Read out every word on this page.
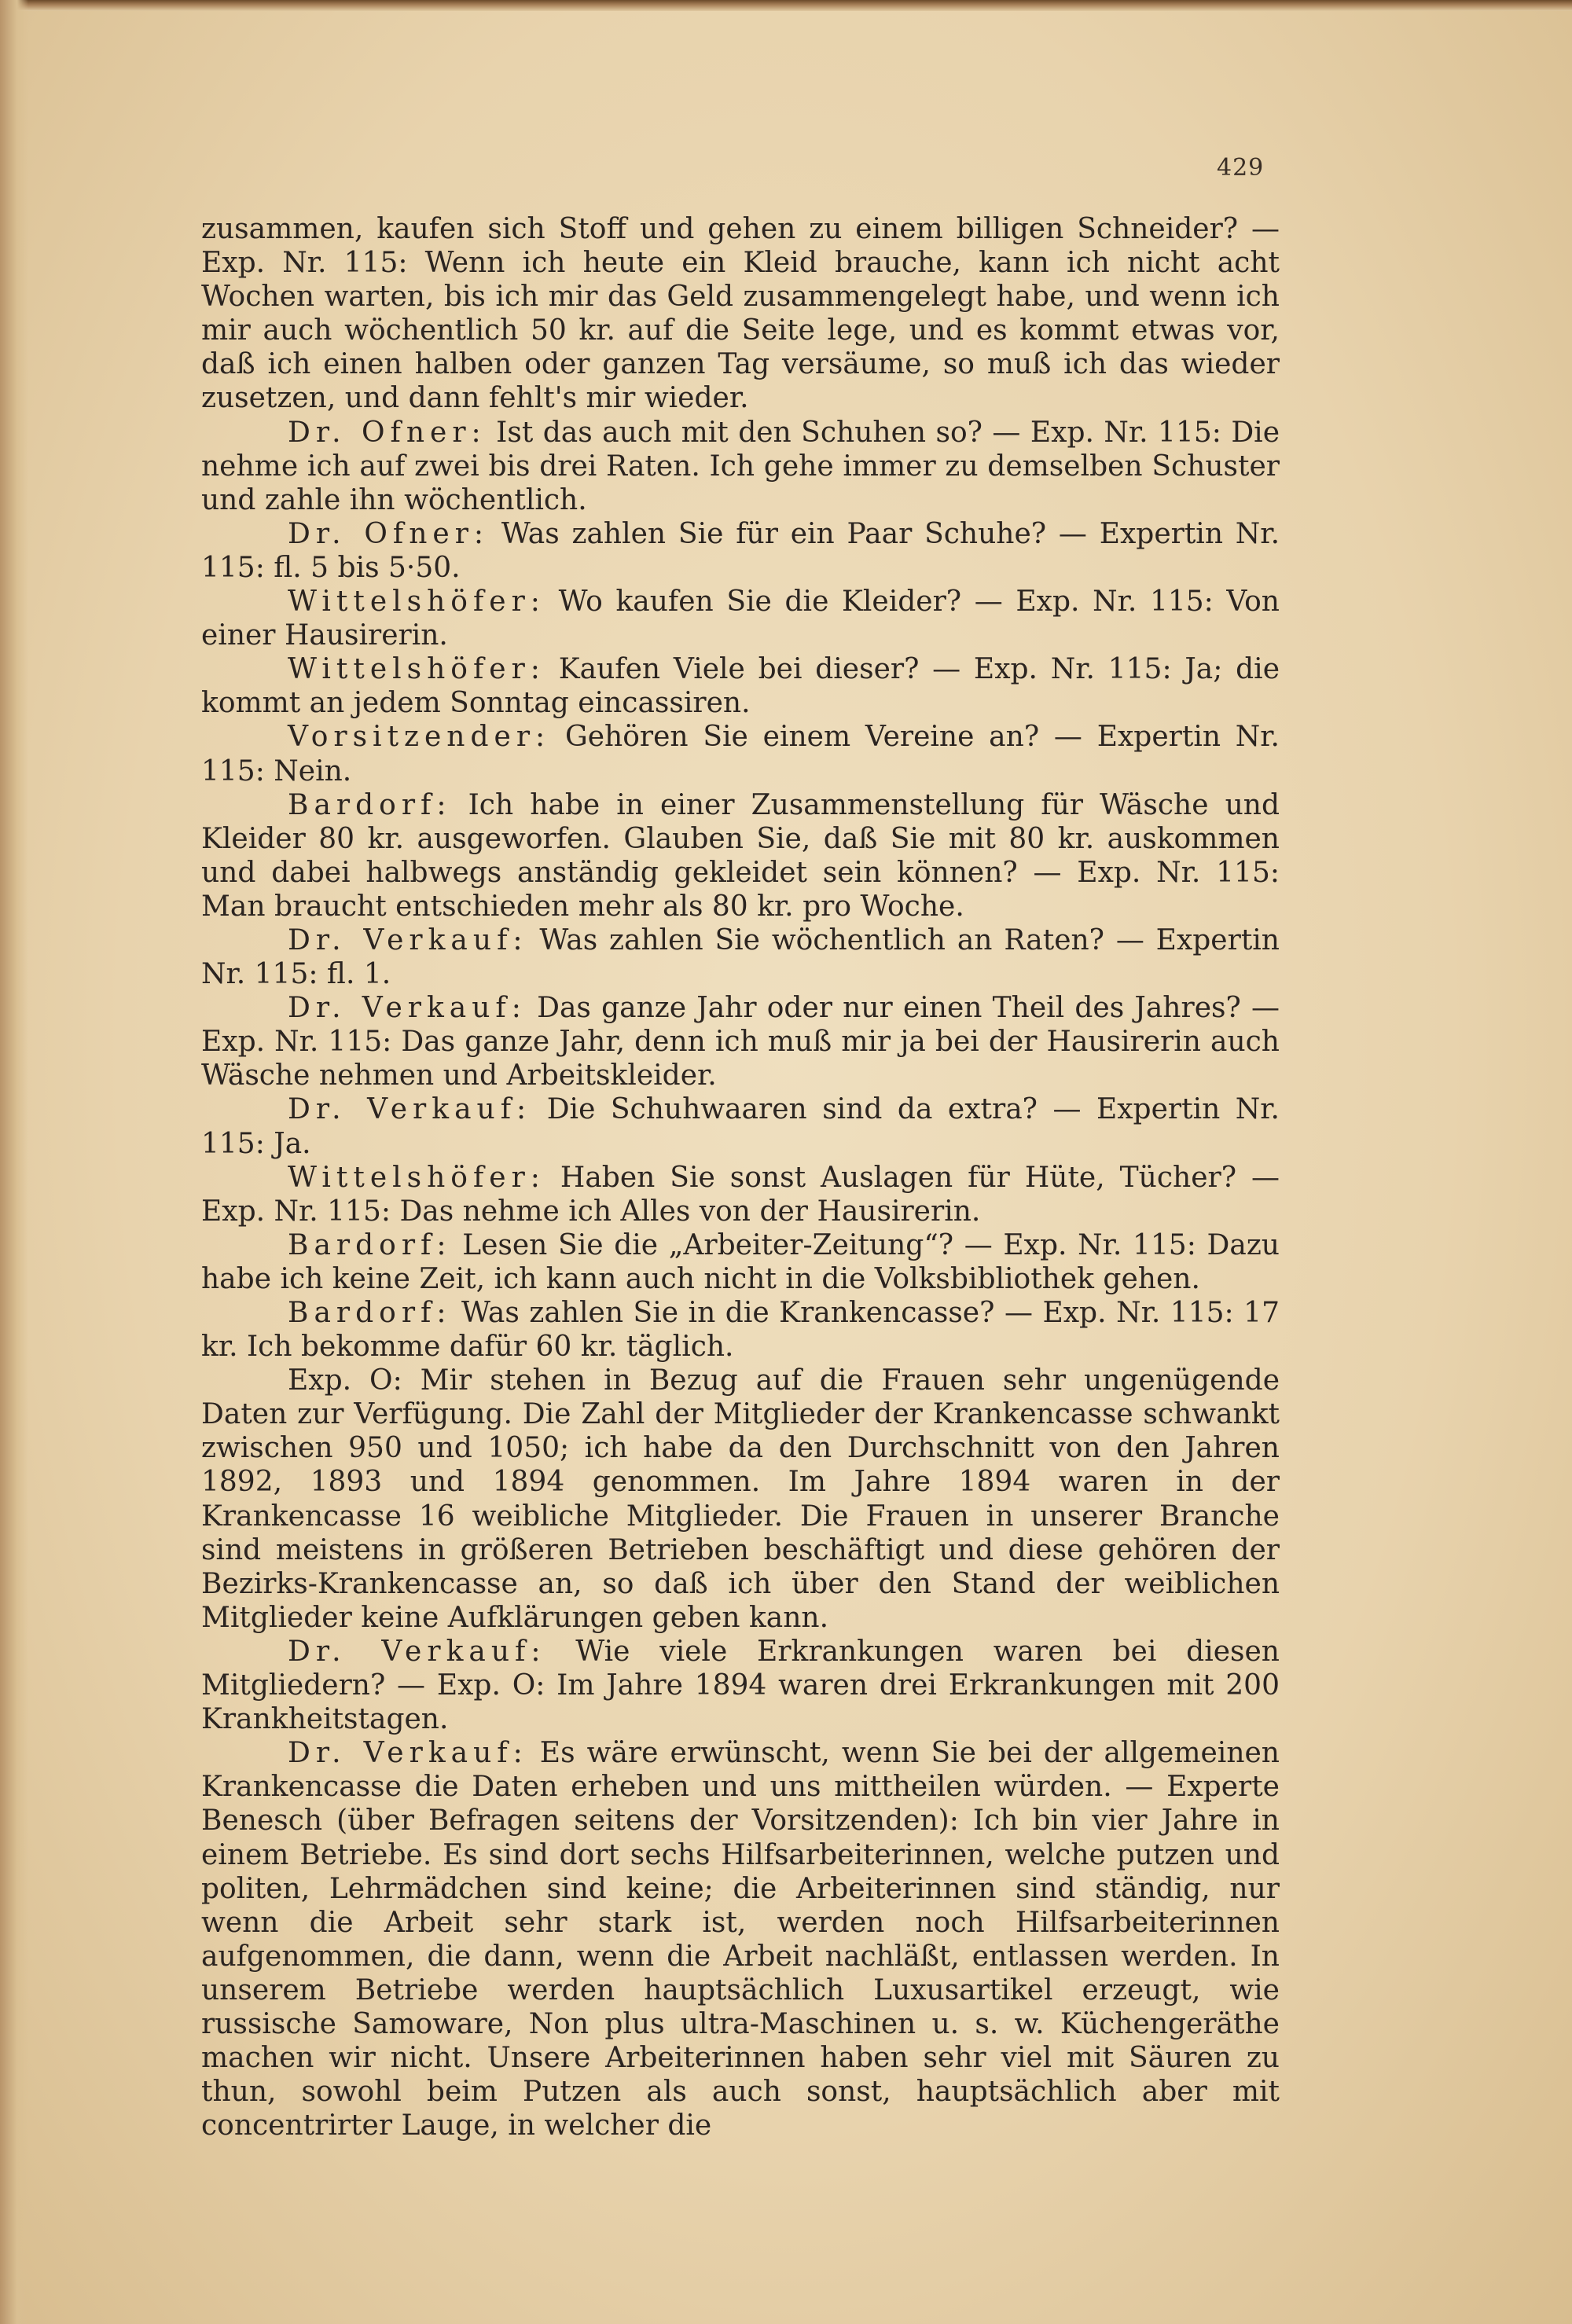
429

zusammen, kaufen sich Stoff und gehen zu einem billigen Schneider? — Exp. Nr. 115: Wenn ich heute ein Kleid brauche, kann ich nicht acht Wochen warten, bis ich mir das Geld zusammengelegt habe, und wenn ich mir auch wöchentlich 50 kr. auf die Seite lege, und es kommt etwas vor, daß ich einen halben oder ganzen Tag versäume, so muß ich das wieder zusetzen, und dann fehlt's mir wieder.

Dr. Ofner: Ist das auch mit den Schuhen so? — Exp. Nr. 115: Die nehme ich auf zwei bis drei Raten. Ich gehe immer zu demselben Schuster und zahle ihn wöchentlich.

Dr. Ofner: Was zahlen Sie für ein Paar Schuhe? — Expertin Nr. 115: fl. 5 bis 5·50.

Wittelshöfer: Wo kaufen Sie die Kleider? — Exp. Nr. 115: Von einer Hausirerin.

Wittelshöfer: Kaufen Viele bei dieser? — Exp. Nr. 115: Ja; die kommt an jedem Sonntag eincassiren.

Vorsitzender: Gehören Sie einem Vereine an? — Expertin Nr. 115: Nein.

Bardorf: Ich habe in einer Zusammenstellung für Wäsche und Kleider 80 kr. ausgeworfen. Glauben Sie, daß Sie mit 80 kr. auskommen und dabei halbwegs anständig gekleidet sein können? — Exp. Nr. 115: Man braucht entschieden mehr als 80 kr. pro Woche.

Dr. Verkauf: Was zahlen Sie wöchentlich an Raten? — Expertin Nr. 115: fl. 1.

Dr. Verkauf: Das ganze Jahr oder nur einen Theil des Jahres? — Exp. Nr. 115: Das ganze Jahr, denn ich muß mir ja bei der Hausirerin auch Wäsche nehmen und Arbeitskleider.

Dr. Verkauf: Die Schuhwaaren sind da extra? — Expertin Nr. 115: Ja.

Wittelshöfer: Haben Sie sonst Auslagen für Hüte, Tücher? — Exp. Nr. 115: Das nehme ich Alles von der Hausirerin.

Bardorf: Lesen Sie die „Arbeiter-Zeitung“? — Exp. Nr. 115: Dazu habe ich keine Zeit, ich kann auch nicht in die Volksbibliothek gehen.

Bardorf: Was zahlen Sie in die Krankencasse? — Exp. Nr. 115: 17 kr. Ich bekomme dafür 60 kr. täglich.

Exp. O: Mir stehen in Bezug auf die Frauen sehr ungenügende Daten zur Verfügung. Die Zahl der Mitglieder der Krankencasse schwankt zwischen 950 und 1050; ich habe da den Durchschnitt von den Jahren 1892, 1893 und 1894 genommen. Im Jahre 1894 waren in der Krankencasse 16 weibliche Mitglieder. Die Frauen in unserer Branche sind meistens in größeren Betrieben beschäftigt und diese gehören der Bezirks-Krankencasse an, so daß ich über den Stand der weiblichen Mitglieder keine Aufklärungen geben kann.

Dr. Verkauf: Wie viele Erkrankungen waren bei diesen Mitgliedern? — Exp. O: Im Jahre 1894 waren drei Erkrankungen mit 200 Krankheitstagen.

Dr. Verkauf: Es wäre erwünscht, wenn Sie bei der allgemeinen Krankencasse die Daten erheben und uns mittheilen würden. — Experte Benesch (über Befragen seitens der Vorsitzenden): Ich bin vier Jahre in einem Betriebe. Es sind dort sechs Hilfsarbeiterinnen, welche putzen und politen, Lehrmädchen sind keine; die Arbeiterinnen sind ständig, nur wenn die Arbeit sehr stark ist, werden noch Hilfsarbeiterinnen aufgenommen, die dann, wenn die Arbeit nachläßt, entlassen werden. In unserem Betriebe werden hauptsächlich Luxusartikel erzeugt, wie russische Samoware, Non plus ultra-Maschinen u. s. w. Küchengeräthe machen wir nicht. Unsere Arbeiterinnen haben sehr viel mit Säuren zu thun, sowohl beim Putzen als auch sonst, hauptsächlich aber mit concentrirter Lauge, in welcher die
